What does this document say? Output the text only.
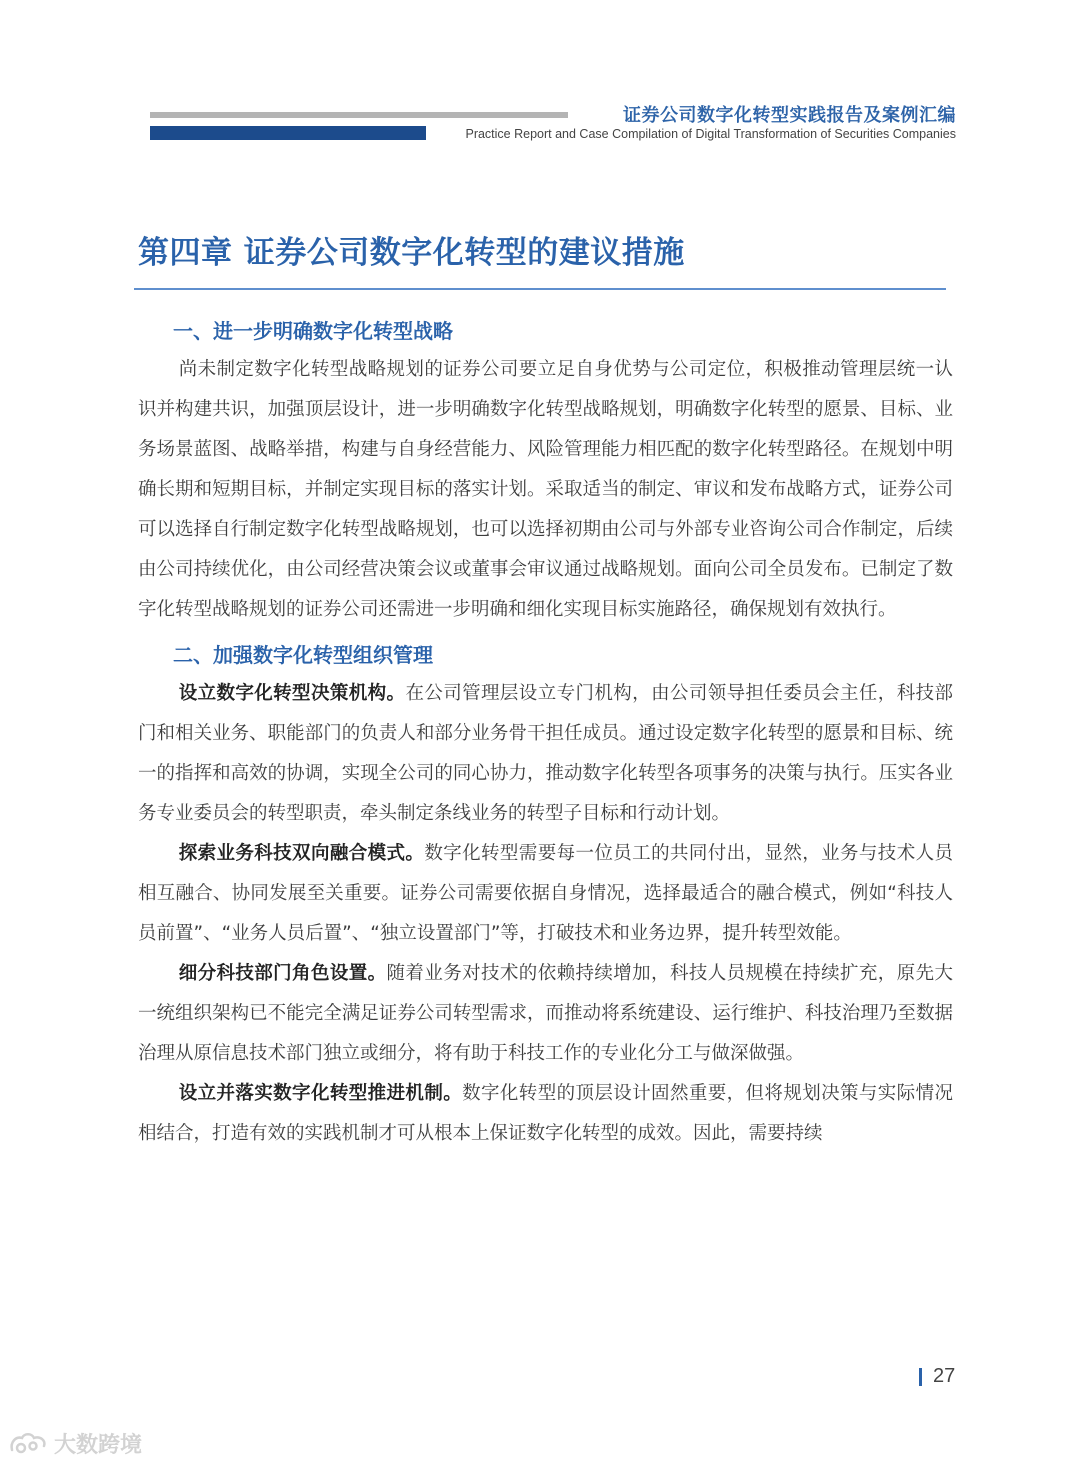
证券公司数字化转型实践报告及案例汇编
Practice Report and Case Compilation of Digital Transformation of Securities Companies
第四章 证券公司数字化转型的建议措施
一、进一步明确数字化转型战略

尚未制定数字化转型战略规划的证券公司要立足自身优势与公司定位，积极推动管理层统一认识并构建共识，加强顶层设计，进一步明确数字化转型战略规划，明确数字化转型的愿景、目标、业务场景蓝图、战略举措，构建与自身经营能力、风险管理能力相匹配的数字化转型路径。在规划中明确长期和短期目标，并制定实现目标的落实计划。采取适当的制定、审议和发布战略方式，证券公司可以选择自行制定数字化转型战略规划，也可以选择初期由公司与外部专业咨询公司合作制定，后续由公司持续优化，由公司经营决策会议或董事会审议通过战略规划。面向公司全员发布。已制定了数字化转型战略规划的证券公司还需进一步明确和细化实现目标实施路径，确保规划有效执行。

二、加强数字化转型组织管理

设立数字化转型决策机构。在公司管理层设立专门机构，由公司领导担任委员会主任，科技部门和相关业务、职能部门的负责人和部分业务骨干担任成员。通过设定数字化转型的愿景和目标、统一的指挥和高效的协调，实现全公司的同心协力，推动数字化转型各项事务的决策与执行。压实各业务专业委员会的转型职责，牵头制定条线业务的转型子目标和行动计划。

探索业务科技双向融合模式。数字化转型需要每一位员工的共同付出，显然，业务与技术人员相互融合、协同发展至关重要。证券公司需要依据自身情况，选择最适合的融合模式，例如“科技人员前置”、“业务人员后置”、“独立设置部门”等，打破技术和业务边界，提升转型效能。

细分科技部门角色设置。随着业务对技术的依赖持续增加，科技人员规模在持续扩充，原先大一统组织架构已不能完全满足证券公司转型需求，而推动将系统建设、运行维护、科技治理乃至数据治理从原信息技术部门独立或细分，将有助于科技工作的专业化分工与做深做强。

设立并落实数字化转型推进机制。数字化转型的顶层设计固然重要，但将规划决策与实际情况相结合，打造有效的实践机制才可从根本上保证数字化转型的成效。因此，需要持续

27
大数跨境
